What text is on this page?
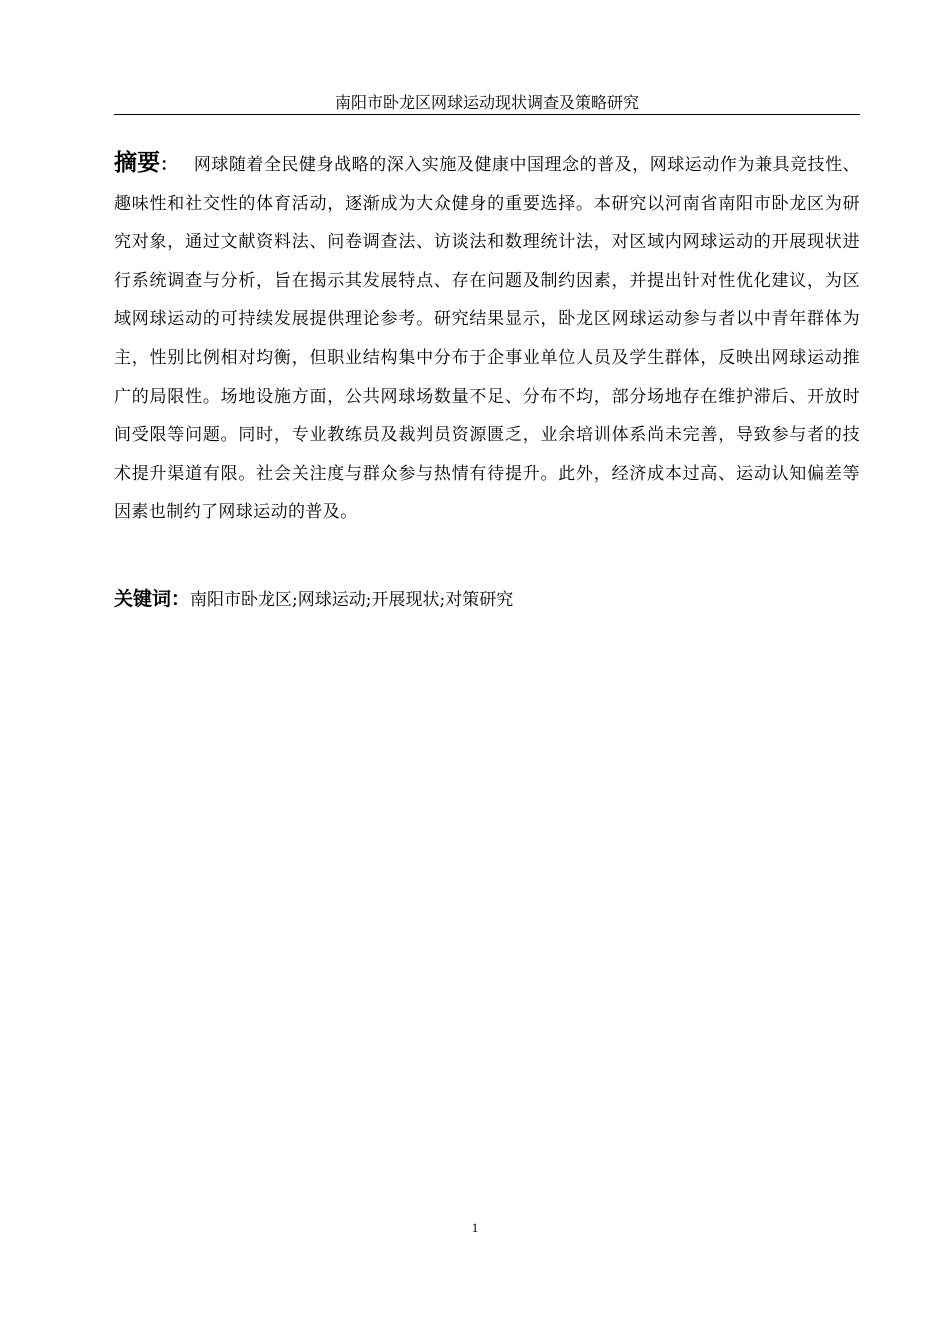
南阳市卧龙区网球运动现状调查及策略研究

摘要： 网球随着全民健身战略的深入实施及健康中国理念的普及，网球运动作为兼具竞技性、趣味性和社交性的体育活动，逐渐成为大众健身的重要选择。本研究以河南省南阳市卧龙区为研究对象，通过文献资料法、问卷调查法、访谈法和数理统计法，对区域内网球运动的开展现状进行系统调查与分析，旨在揭示其发展特点、存在问题及制约因素，并提出针对性优化建议，为区域网球运动的可持续发展提供理论参考。研究结果显示，卧龙区网球运动参与者以中青年群体为主，性别比例相对均衡，但职业结构集中分布于企事业单位人员及学生群体，反映出网球运动推广的局限性。场地设施方面，公共网球场数量不足、分布不均，部分场地存在维护滞后、开放时间受限等问题。同时，专业教练员及裁判员资源匮乏，业余培训体系尚未完善，导致参与者的技术提升渠道有限。社会关注度与群众参与热情有待提升。此外，经济成本过高、运动认知偏差等因素也制约了网球运动的普及。

关键词：南阳市卧龙区;网球运动;开展现状;对策研究

1
